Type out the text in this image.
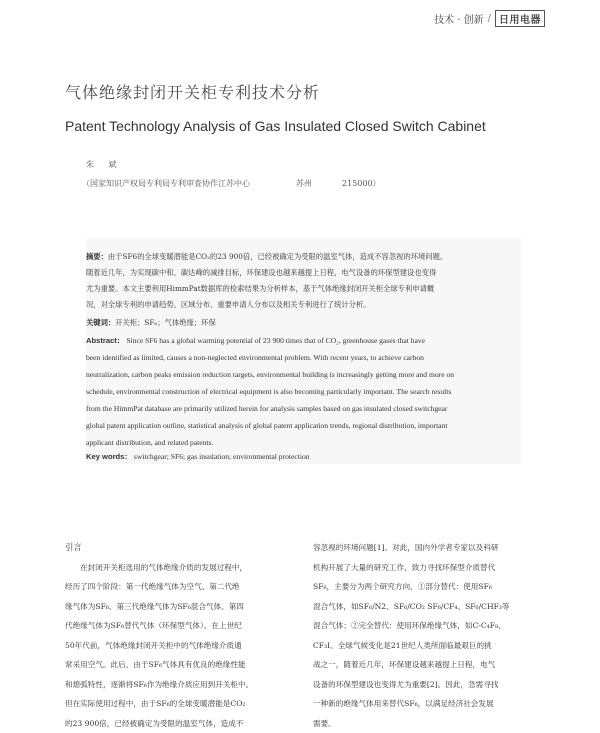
技术 · 创新 / 日用电器
气体绝缘封闭开关柜专利技术分析
Patent Technology Analysis of Gas Insulated Closed Switch Cabinet
朱 斌
（国家知识产权局专利局专利审查协作江苏中心	苏州	215000）
摘要：由于SF6的全球变暖潜能是CO₂的23 900倍，已经被确定为受限的温室气体，造成不容忽视的环境问题。
随着近几年，为实现碳中和、碳达峰的减排目标，环保建设也越来越提上日程，电气设备的环保型建设也变得
尤为重要。本文主要利用HimmPat数据库的检索结果为分析样本，基于气体绝缘封闭开关柜全球专利申请概
况，对全球专利的申请趋势、区域分布、重要申请人分布以及相关专利进行了统计分析。
关键词：开关柜；SF₆；气体绝缘；环保
Abstract： Since SF6 has a global warming potential of 23 900 times that of CO₂, greenhouse gases that have
been identified as limited, causes a non-neglected environmental problem. With recent years, to achieve carbon
neutralization, carbon peaks emission reduction targets, environmental building is increasingly getting more and more on
schedule, environmental construction of electrical equipment is also becoming particularly important. The search results
from the HimmPat database are primarily utilized herein for analysis samples based on gas insulated closed switchgear
global patent application outline, statistical analysis of global patent application trends, regional distribution, important
applicant distribution, and related patents.
Key words： switchgear; SF6; gas insulation; environmental protection

引言

在封闭开关柜选用的气体绝缘介质的发展过程中，

经历了四个阶段：第一代绝缘气体为空气、第二代绝

缘气体为SF₆、第三代绝缘气体为SF₆混合气体、第四

代绝缘气体为SF₆替代气体（环保型气体）。在上世纪

50年代前，气体绝缘封闭开关柜中的气体绝缘介质通

常采用空气。此后，由于SF₆气体具有优良的绝缘性能

和熄弧特性，逐渐将SF₆作为绝缘介质应用到开关柜中。

但在实际使用过程中，由于SF₆的全球变暖潜能是CO₂

的23 900倍，已经被确定为受限的温室气体，造成不

容忽视的环境问题[1]。对此，国内外学者专家以及科研

机构开展了大量的研究工作，致力寻找环保型介质替代

SF₆，主要分为两个研究方向，①部分替代：使用SF₆

混合气体，如SF₆/N2、SF₆/CO₂ SF₆/CF₄、SF₆/CHF₃等

混合气体；②完全替代：使用环保绝缘气体，如C-C₄F₈、

CF₃I。全球气候变化是21世纪人类所面临最艰巨的挑

战之一，随着近几年，环保建设越来越提上日程，电气

设备的环保型建设也变得尤为重要[2]。因此，急需寻找

一种新的绝缘气体用来替代SF₆，以满足经济社会发展

需要。
